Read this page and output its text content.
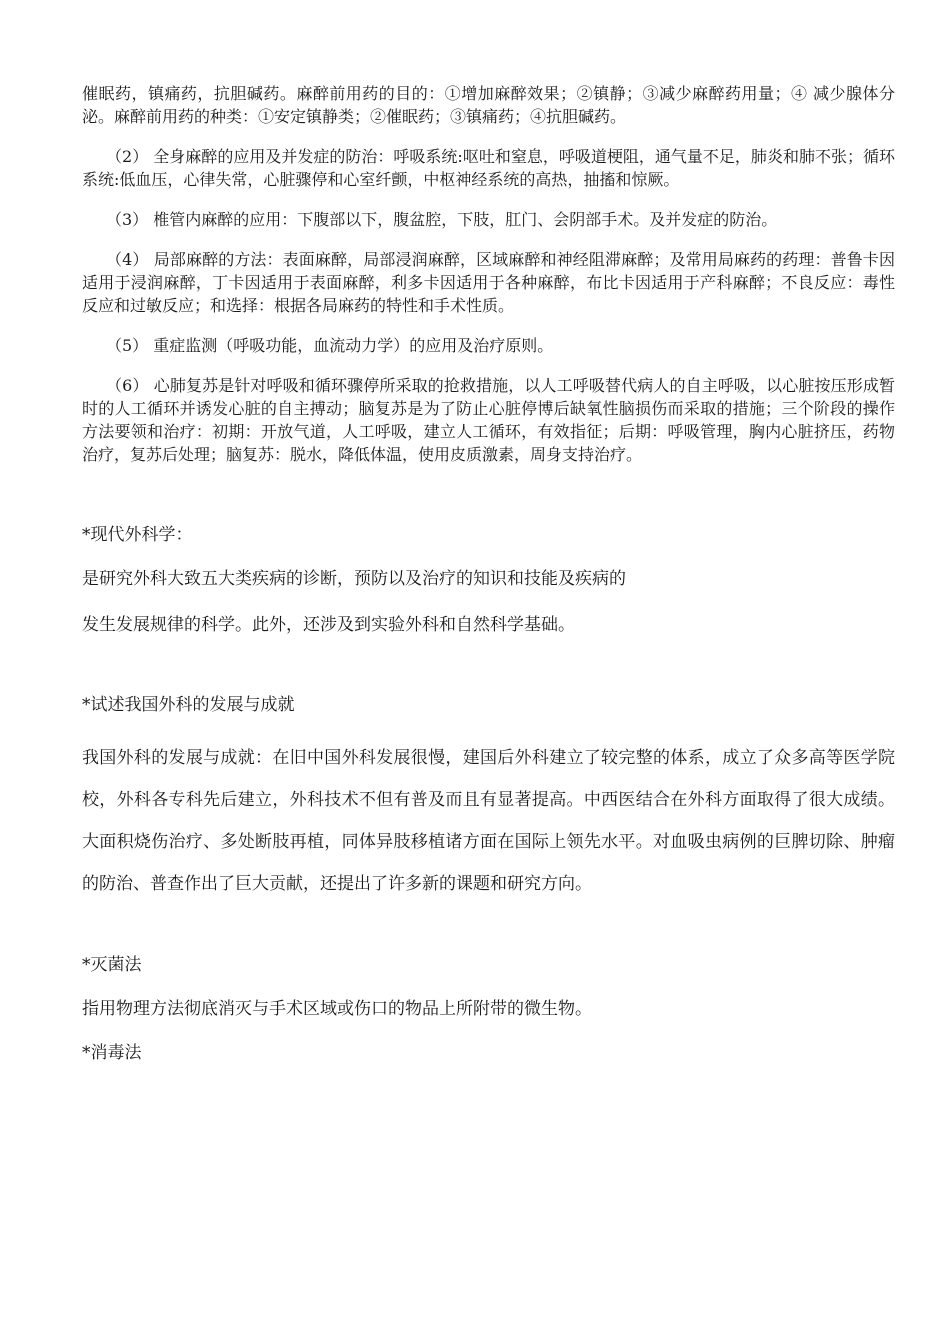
催眠药，镇痛药，抗胆碱药。麻醉前用药的目的：①增加麻醉效果；②镇静；③减少麻醉药用量；④ 减少腺体分泌。麻醉前用药的种类：①安定镇静类；②催眠药；③镇痛药；④抗胆碱药。

（2） 全身麻醉的应用及并发症的防治：呼吸系统:呕吐和窒息，呼吸道梗阻，通气量不足，肺炎和肺不张；循环系统:低血压，心律失常，心脏骤停和心室纤颤，中枢神经系统的高热，抽搐和惊厥。

（3） 椎管内麻醉的应用：下腹部以下，腹盆腔，下肢，肛门、会阴部手术。及并发症的防治。

（4） 局部麻醉的方法：表面麻醉，局部浸润麻醉，区域麻醉和神经阻滞麻醉；及常用局麻药的药理：普鲁卡因适用于浸润麻醉，丁卡因适用于表面麻醉，利多卡因适用于各种麻醉，布比卡因适用于产科麻醉；不良反应：毒性反应和过敏反应；和选择：根据各局麻药的特性和手术性质。

（5） 重症监测（呼吸功能，血流动力学）的应用及治疗原则。

（6） 心肺复苏是针对呼吸和循环骤停所采取的抢救措施，以人工呼吸替代病人的自主呼吸，以心脏按压形成暂时的人工循环并诱发心脏的自主搏动；脑复苏是为了防止心脏停博后缺氧性脑损伤而采取的措施；三个阶段的操作方法要领和治疗：初期：开放气道，人工呼吸，建立人工循环，有效指征；后期：呼吸管理，胸内心脏挤压，药物治疗，复苏后处理；脑复苏：脱水，降低体温，使用皮质激素，周身支持治疗。

*现代外科学：

是研究外科大致五大类疾病的诊断，预防以及治疗的知识和技能及疾病的

发生发展规律的科学。此外，还涉及到实验外科和自然科学基础。

*试述我国外科的发展与成就

我国外科的发展与成就：在旧中国外科发展很慢，建国后外科建立了较完整的体系，成立了众多高等医学院校，外科各专科先后建立，外科技术不但有普及而且有显著提高。中西医结合在外科方面取得了很大成绩。大面积烧伤治疗、多处断肢再植，同体异肢移植诸方面在国际上领先水平。对血吸虫病例的巨脾切除、肿瘤的防治、普查作出了巨大贡献，还提出了许多新的课题和研究方向。

*灭菌法

指用物理方法彻底消灭与手术区域或伤口的物品上所附带的微生物。

*消毒法
